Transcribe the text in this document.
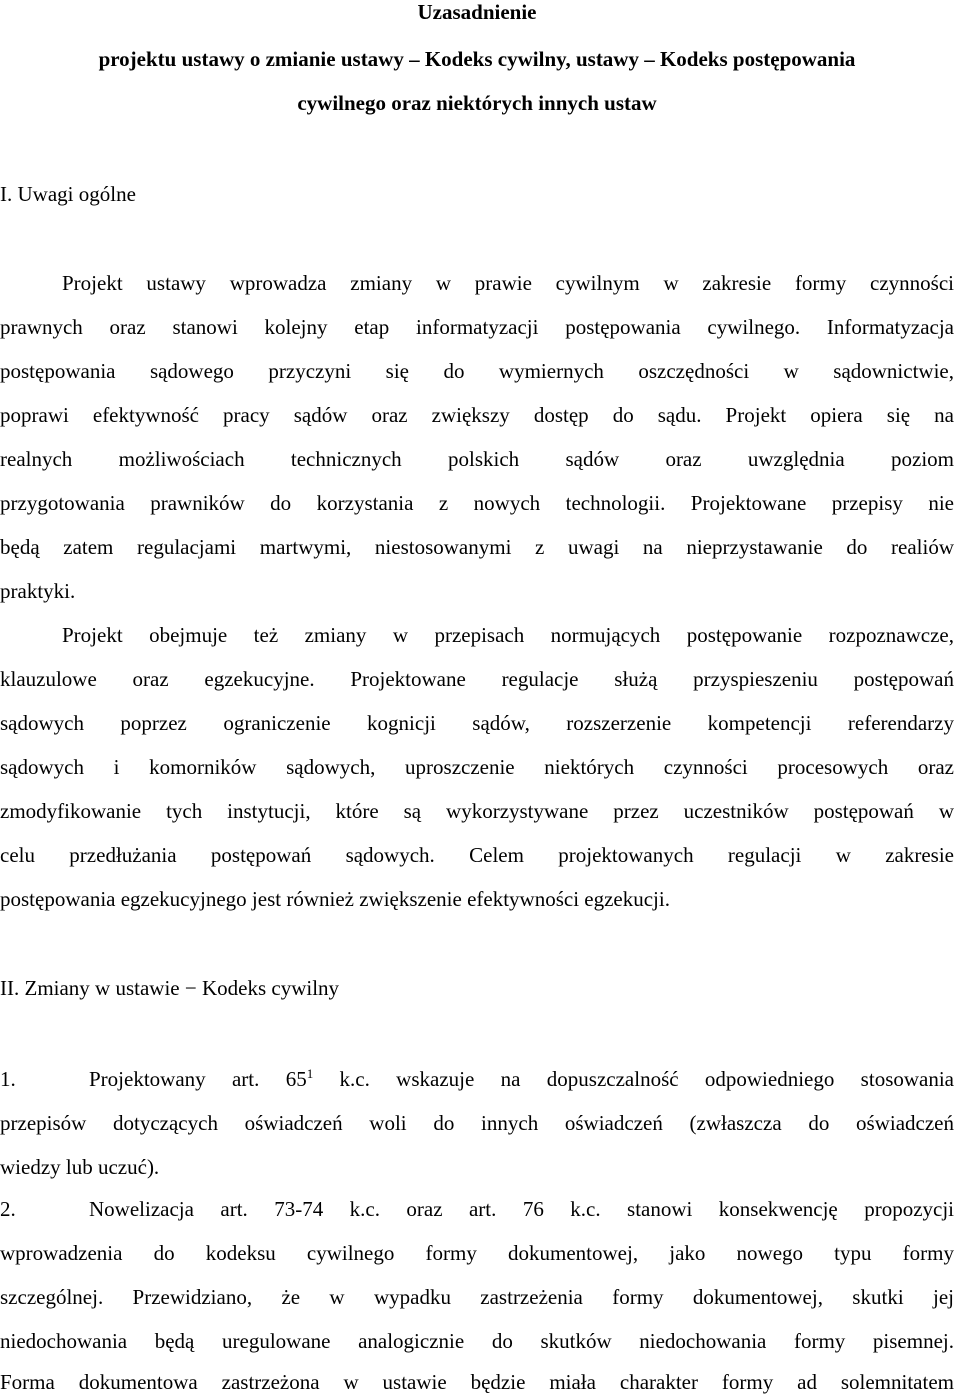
Uzasadnienie
projektu ustawy o zmianie ustawy – Kodeks cywilny, ustawy – Kodeks postępowania
cywilnego oraz niektórych innych ustaw
I. Uwagi ogólne
Projekt ustawy wprowadza zmiany w prawie cywilnym w zakresie formy czynności
prawnych oraz stanowi kolejny etap informatyzacji postępowania cywilnego. Informatyzacja
postępowania sądowego przyczyni się do wymiernych oszczędności w sądownictwie,
poprawi efektywność pracy sądów oraz zwiększy dostęp do sądu. Projekt opiera się na
realnych możliwościach technicznych polskich sądów oraz uwzględnia poziom
przygotowania prawników do korzystania z nowych technologii. Projektowane przepisy nie
będą zatem regulacjami martwymi, niestosowanymi z uwagi na nieprzystawanie do realiów
praktyki.
Projekt obejmuje też zmiany w przepisach normujących postępowanie rozpoznawcze,
klauzulowe oraz egzekucyjne. Projektowane regulacje służą przyspieszeniu postępowań
sądowych poprzez ograniczenie kognicji sądów, rozszerzenie kompetencji referendarzy
sądowych i komorników sądowych, uproszczenie niektórych czynności procesowych oraz
zmodyfikowanie tych instytucji, które są wykorzystywane przez uczestników postępowań w
celu przedłużania postępowań sądowych. Celem projektowanych regulacji w zakresie
postępowania egzekucyjnego jest również zwiększenie efektywności egzekucji.
II. Zmiany w ustawie − Kodeks cywilny
1.	Projektowany art. $65^1$ k.c. wskazuje na dopuszczalność odpowiedniego stosowania
przepisów dotyczących oświadczeń woli do innych oświadczeń (zwłaszcza do oświadczeń
wiedzy lub uczuć).
2.	Nowelizacja art. 73-74 k.c. oraz art. 76 k.c. stanowi konsekwencję propozycji
wprowadzenia do kodeksu cywilnego formy dokumentowej, jako nowego typu formy
szczególnej. Przewidziano, że w wypadku zastrzeżenia formy dokumentowej, skutki jej
niedochowania będą uregulowane analogicznie do skutków niedochowania formy pisemnej.
Forma dokumentowa zastrzeżona w ustawie będzie miała charakter formy ad solemnitatem
